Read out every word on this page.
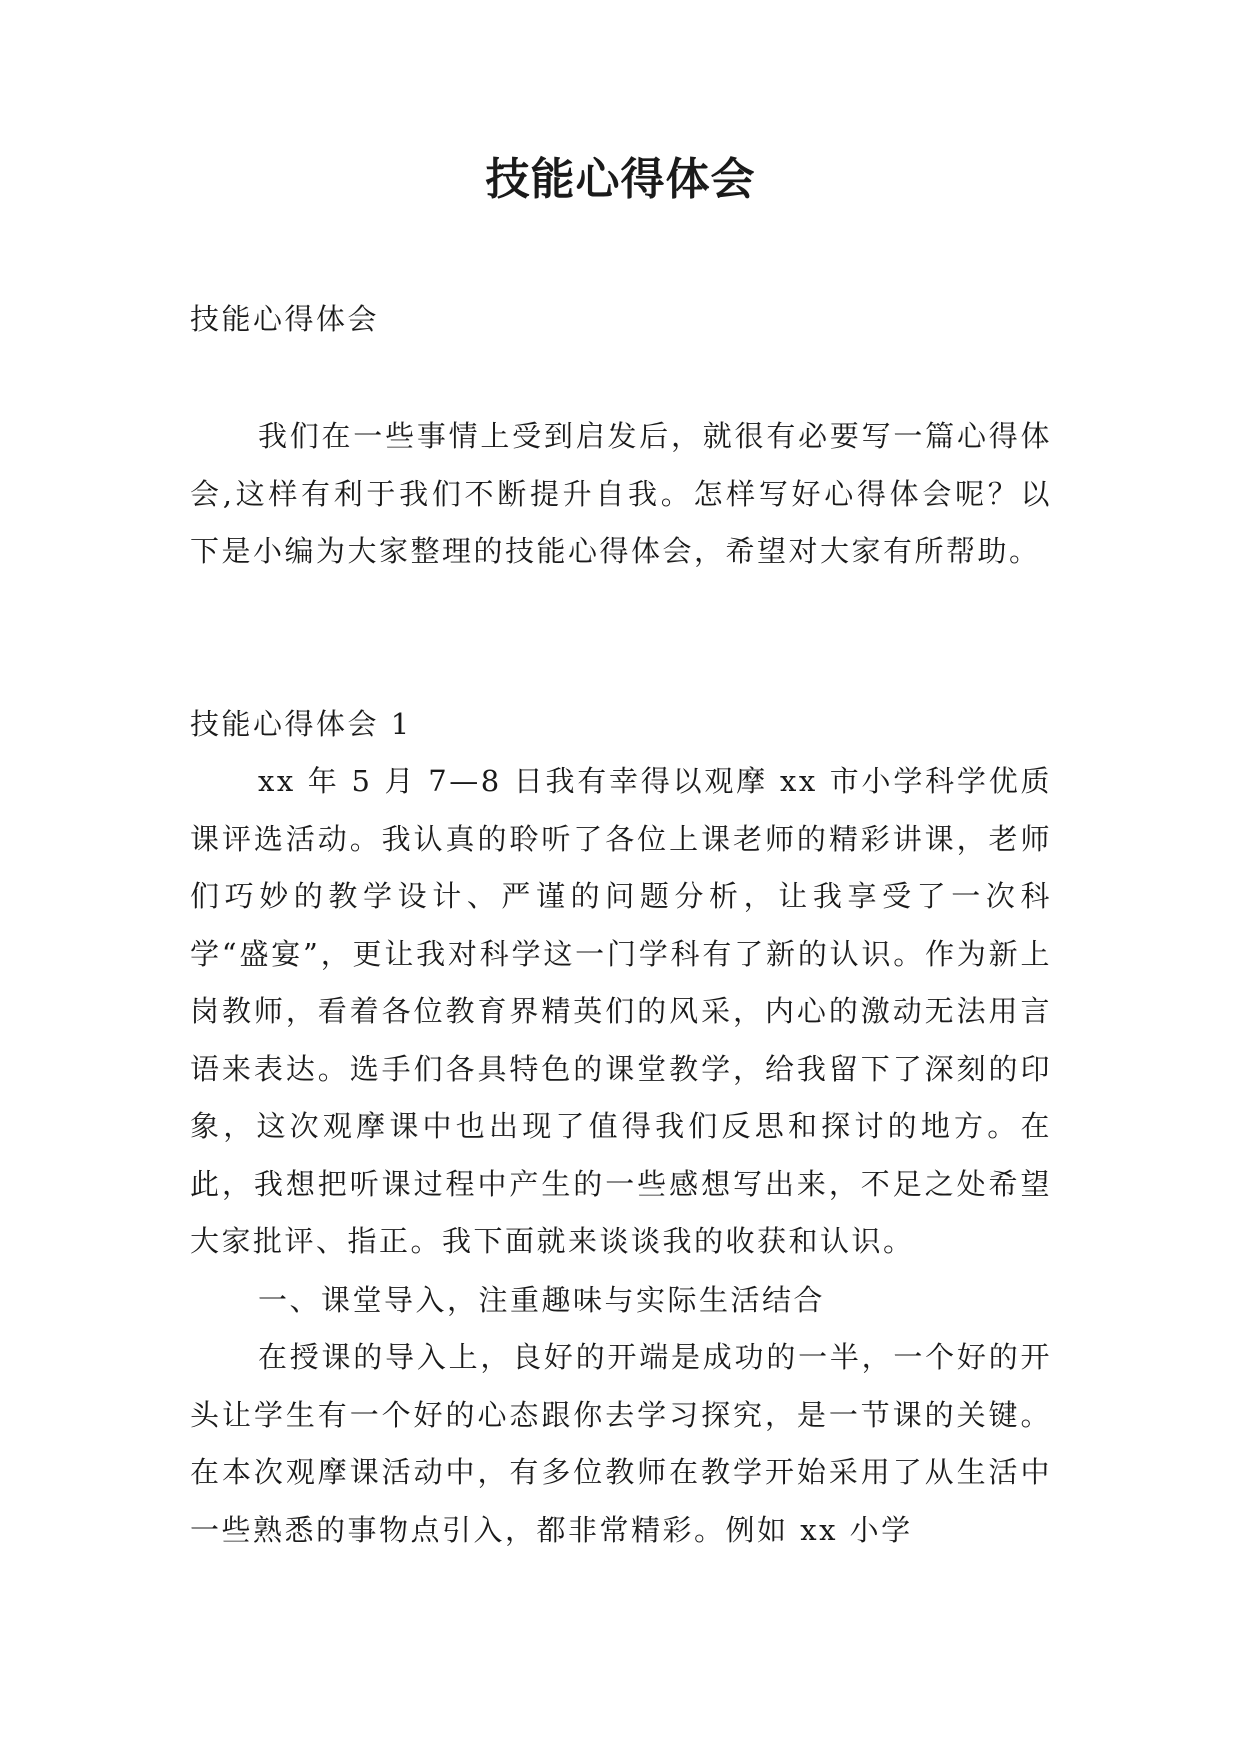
技能心得体会

技能心得体会

我们在一些事情上受到启发后，就很有必要写一篇心得体会,这样有利于我们不断提升自我。怎样写好心得体会呢？以下是小编为大家整理的技能心得体会，希望对大家有所帮助。

技能心得体会 1

xx 年 5 月 7—8 日我有幸得以观摩 xx 市小学科学优质课评选活动。我认真的聆听了各位上课老师的精彩讲课，老师们巧妙的教学设计、严谨的问题分析，让我享受了一次科学“盛宴”，更让我对科学这一门学科有了新的认识。作为新上岗教师，看着各位教育界精英们的风采，内心的激动无法用言语来表达。选手们各具特色的课堂教学，给我留下了深刻的印象，这次观摩课中也出现了值得我们反思和探讨的地方。在此，我想把听课过程中产生的一些感想写出来，不足之处希望大家批评、指正。我下面就来谈谈我的收获和认识。

一、课堂导入，注重趣味与实际生活结合

在授课的导入上，良好的开端是成功的一半，一个好的开头让学生有一个好的心态跟你去学习探究，是一节课的关键。在本次观摩课活动中，有多位教师在教学开始采用了从生活中一些熟悉的事物点引入，都非常精彩。例如 xx 小学
